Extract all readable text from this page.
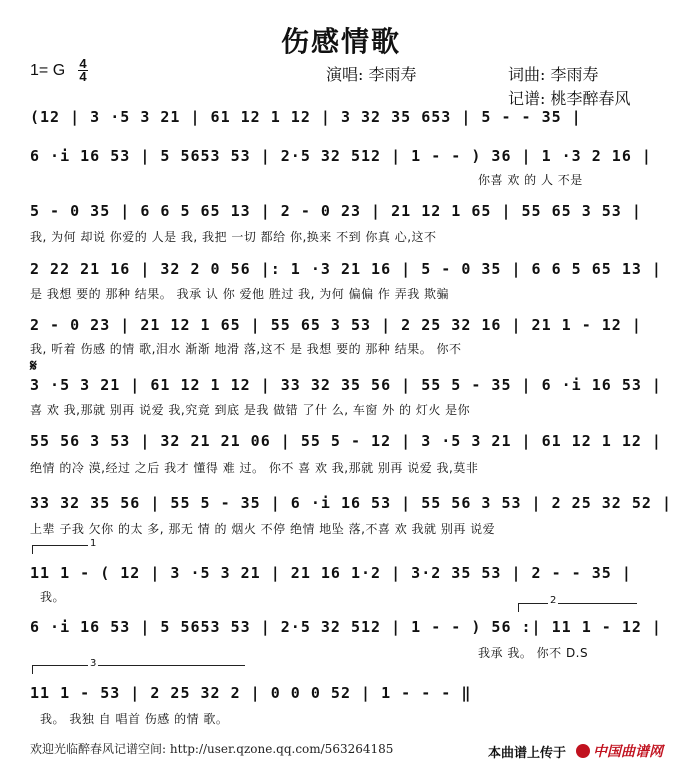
伤感情歌
1= G 4
4	演唱: 李雨寿	词曲: 李雨寿
记谱: 桃李醉春风
(12 | 3 ·5 3 21 | 61 12 1 12 | 3 32 35 653 | 5 - - 35 |
6 ·i 16 53 | 5 5653 53 | 2·5 32 512 | 1 - - ) 36 | 1 ·3 2 16 |
你喜 欢 的 人 不是
5 - 0 35 | 6 6 5 65 13 | 2 - 0 23 | 21 12 1 65 | 55 65 3 53 |
我, 为何 却说 你爱的 人是 我, 我把 一切 都给 你,换来 不到 你真 心,这不
2 22 21 16 | 32 2 0 56 |: 1 ·3 21 16 | 5 - 0 35 | 6 6 5 65 13 |
是 我想 要的 那种 结果。 我承 认 你 爱他 胜过 我, 为何 偏偏 作 弄我 欺骗
2 - 0 23 | 21 12 1 65 | 55 65 3 53 | 2 25 32 16 | 21 1 - 12 |
我, 听着 伤感 的情 歌,泪水 渐渐 地滑 落,这不 是 我想 要的 那种 结果。 你不
𝄋
3 ·5 3 21 | 61 12 1 12 | 33 32 35 56 | 55 5 - 35 | 6 ·i 16 53 |
喜 欢 我,那就 别再 说爱 我,究竟 到底 是我 做错 了什 么, 车窗 外 的 灯火 是你
55 56 3 53 | 32 21 21 06 | 55 5 - 12 | 3 ·5 3 21 | 61 12 1 12 |
绝情 的冷 漠,经过 之后 我才 懂得 难 过。 你不 喜 欢 我,那就 别再 说爱 我,莫非
33 32 35 56 | 55 5 - 35 | 6 ·i 16 53 | 55 56 3 53 | 2 25 32 52 |
上辈 子我 欠你 的太 多, 那无 情 的 烟火 不停 绝情 地坠 落,不喜 欢 我就 别再 说爱
1
11 1 - ( 12 | 3 ·5 3 21 | 21 16 1·2 | 3·2 35 53 | 2 - - 35 |
我。	2
6 ·i 16 53 | 5 5653 53 | 2·5 32 512 | 1 - - ) 56 :| 11 1 - 12 |
我承 我。 你不 D.S
3
11 1 - 53 | 2 25 32 2 | 0 0 0 52 | 1 - - - ‖
我。 我独 自 唱首 伤感 的情 歌。
欢迎光临醉春风记谱空间: http://user.qzone.qq.com/563264185	本曲谱上传于	中国曲谱网
